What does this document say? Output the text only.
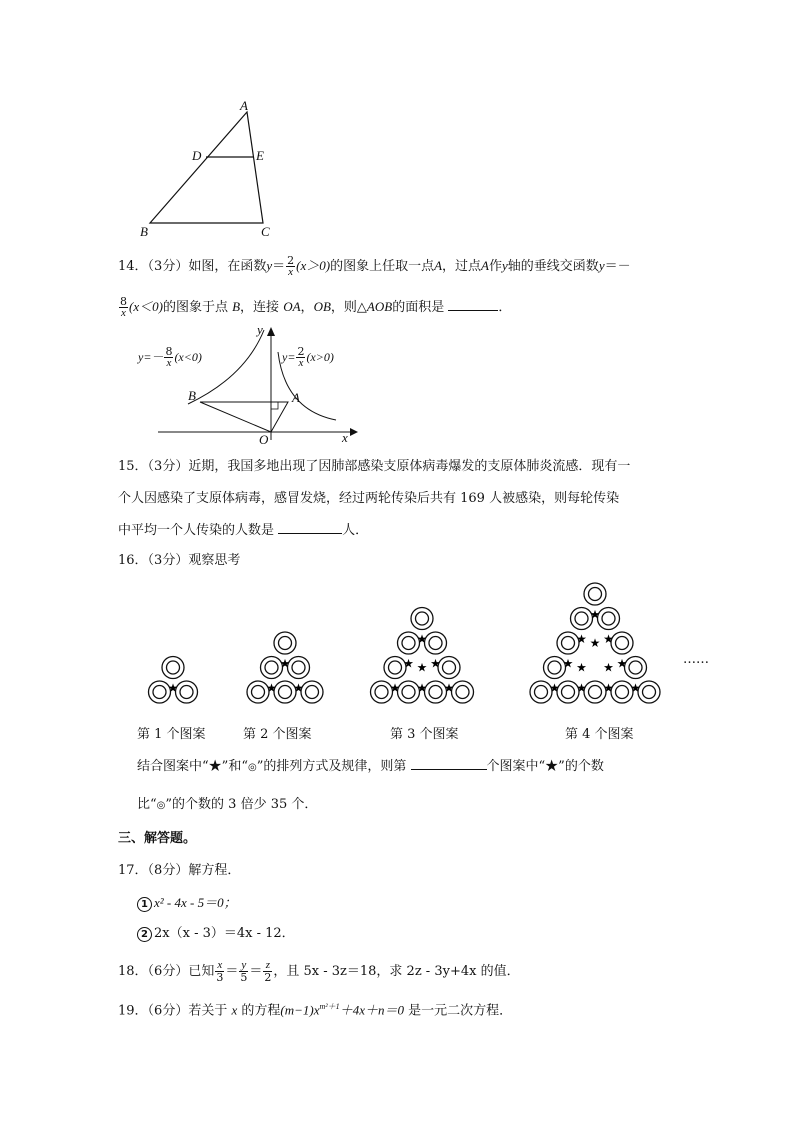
A
D	E
B	C
14．（3分）如图，在函数$y= \frac{2}{x} (x>0)$的图象上任取一点A，过点A作y轴的垂线交函数y＝－
$\frac{8}{x} (x<0)$的图象于点 B，连接 OA，OB，则△AOB的面积是	．
$y=- \frac{8}{x} (x<0)$	$y= \frac{2}{x} (x>0)$
y
x
B	A
O
15．（3分）近期，我国多地出现了因肺部感染支原体病毒爆发的支原体肺炎流感．现有一
个人因感染了支原体病毒，感冒发烧，经过两轮传染后共有 169 人被感染，则每轮传染
中平均一个人传染的人数是	人．
16．（3分）观察思考
★	★ ★
★
★ ★ ★
★
★ ★
★
★ ★ ★ ★
★ ★
★	★
★
★ ★
★
……
第 1 个图案	第 2 个图案	第 3 个图案	第 4 个图案
结合图案中“★”和“◎”的排列方式及规律，则第	个图案中“★”的个数
比“◎”的个数的 3 倍少 35 个．
三、解答题。
17．（8分）解方程．
1 x² - 4x - 5＝0；
2 2x（x - 3）＝4x - 12．
18．（6分）已知 $\frac{x}{3} = \frac{y}{5} = \frac{z}{2}$ ，且 5x - 3z＝18，求 2z - 3y+4x 的值．
19．（6分）若关于 x 的方程$(m-1)x^{m^2+1}+4x+n=0$ 是一元二次方程．
